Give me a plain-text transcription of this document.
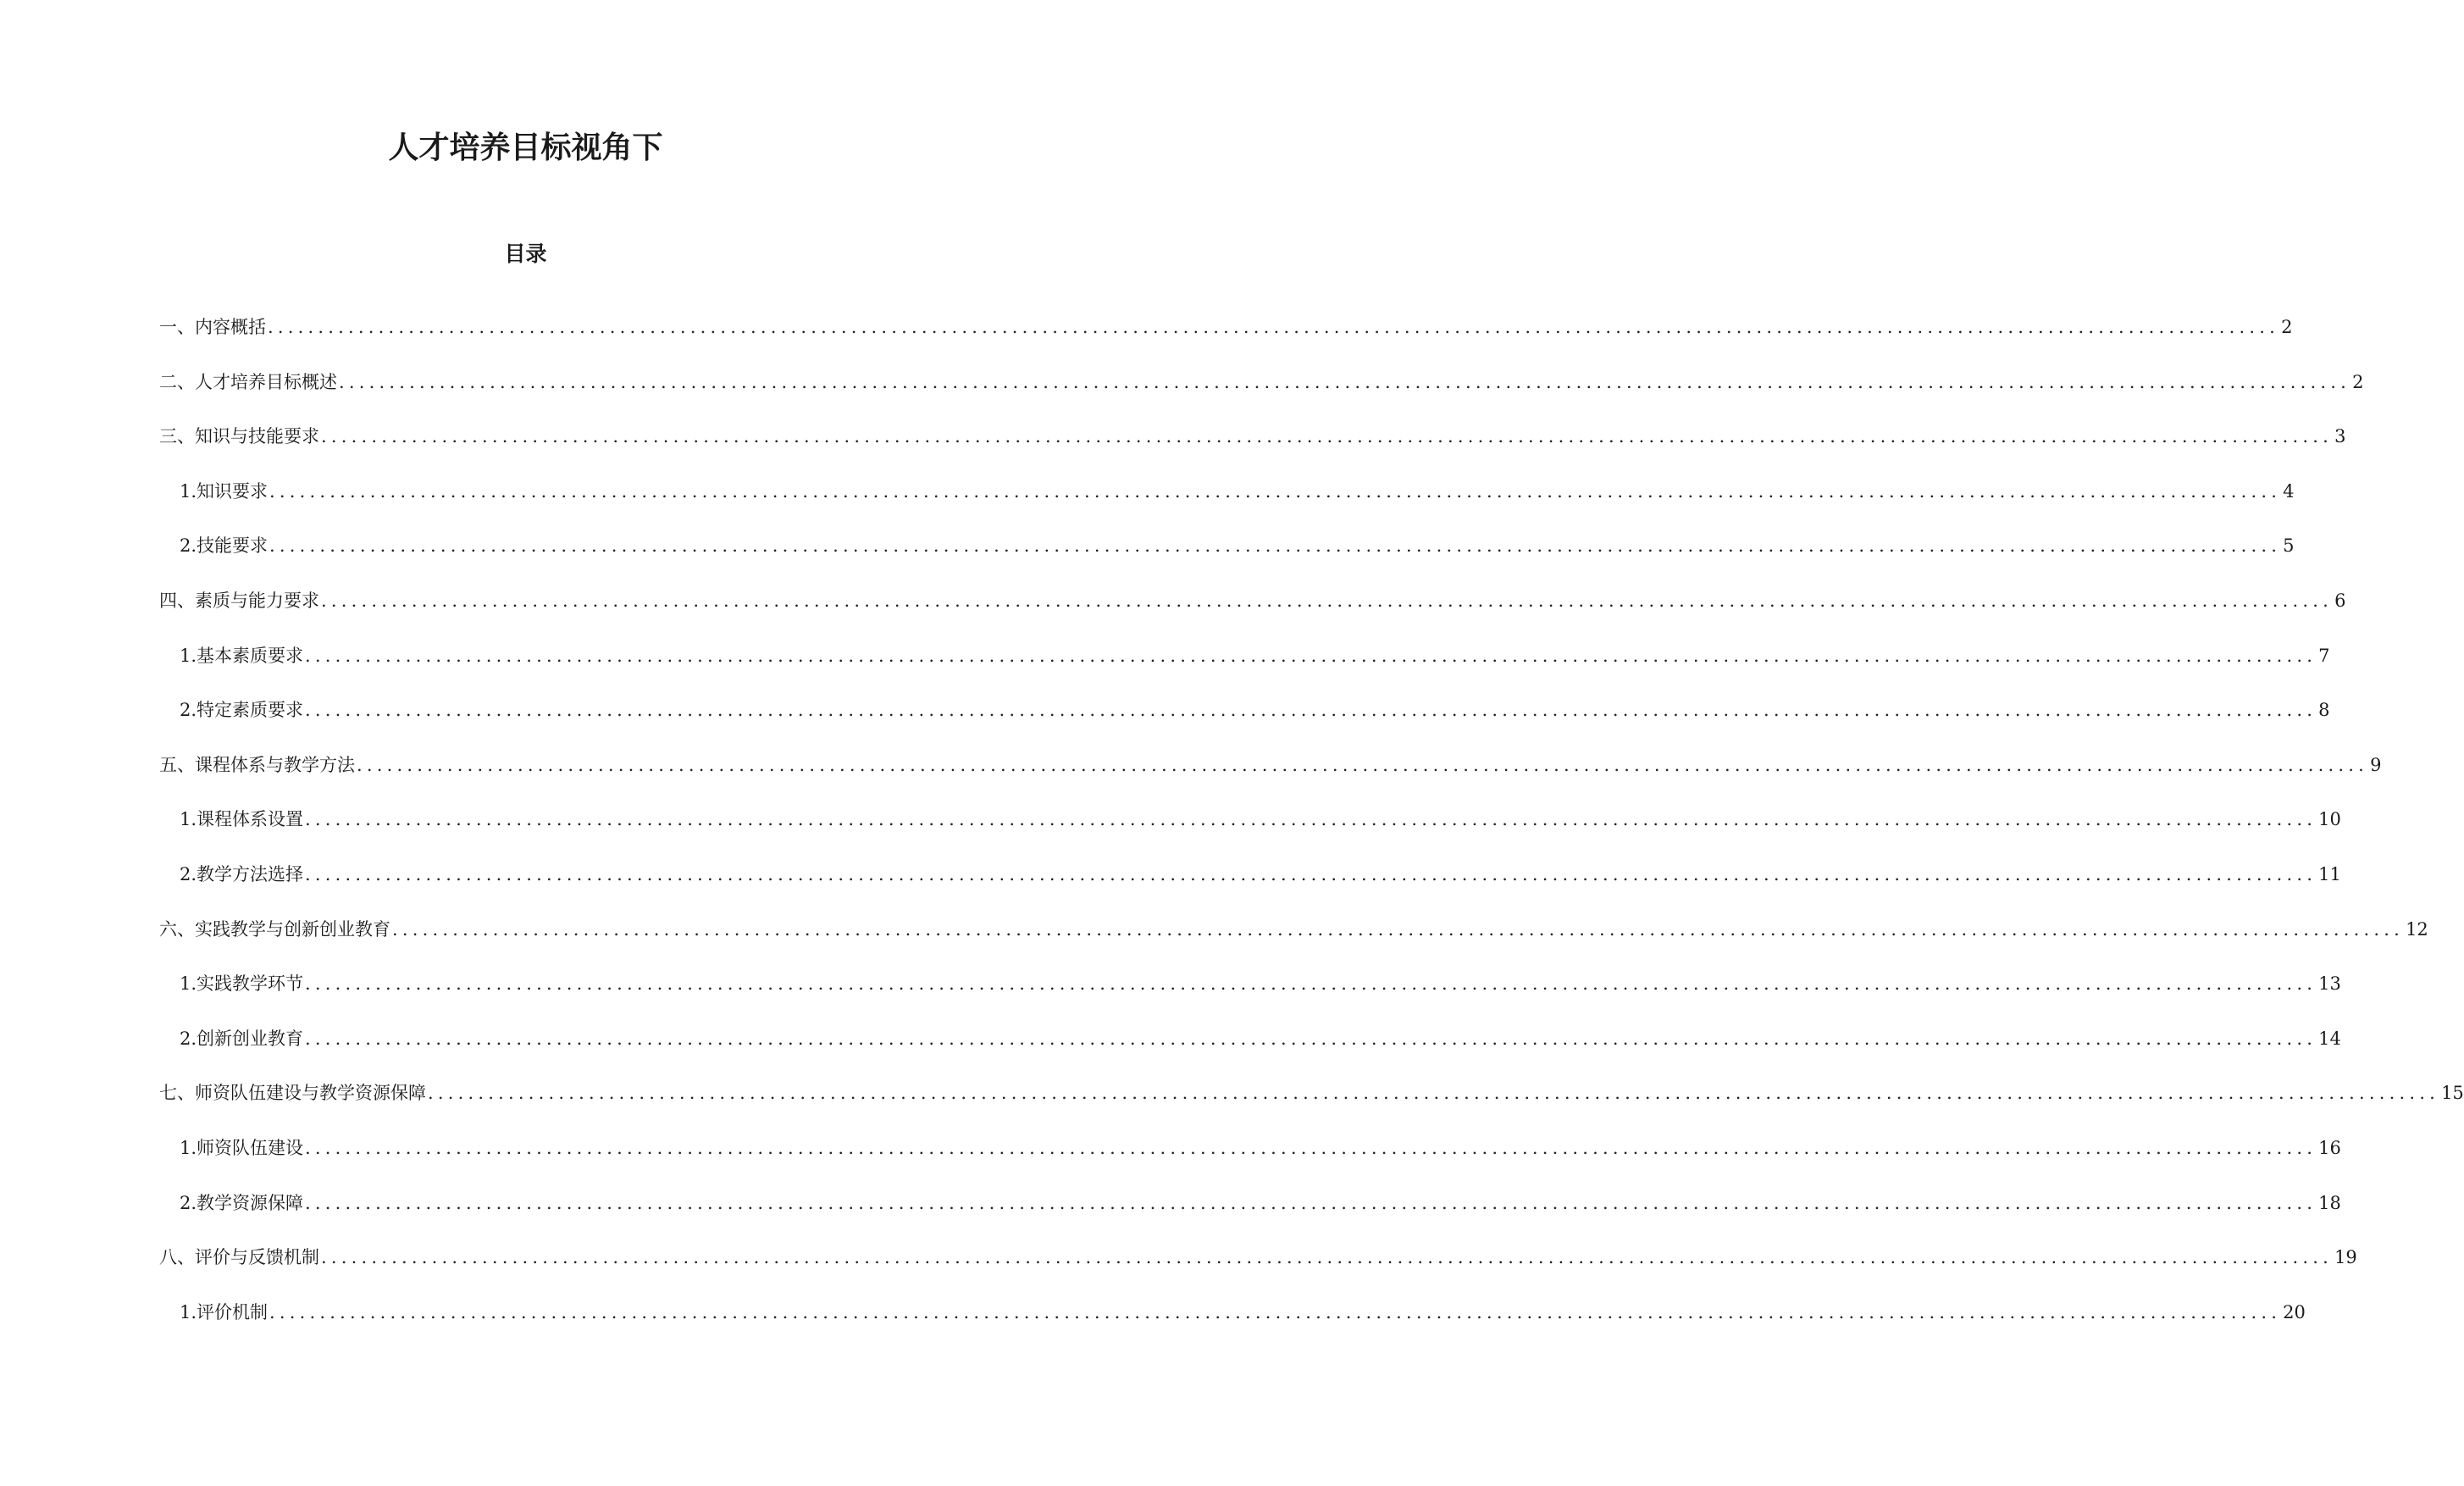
人才培养目标视角下
目录
一、内容概括 ........................................................................................................................................................................................................ 2
二、人才培养目标概述 ........................................................................................................................................................................................................ 2
三、知识与技能要求 ........................................................................................................................................................................................................ 3
1. 知识要求 ........................................................................................................................................................................................................ 4
2. 技能要求 ........................................................................................................................................................................................................ 5
四、素质与能力要求 ........................................................................................................................................................................................................ 6
1. 基本素质要求 ........................................................................................................................................................................................................ 7
2. 特定素质要求 ........................................................................................................................................................................................................ 8
五、课程体系与教学方法 ........................................................................................................................................................................................................ 9
1. 课程体系设置 ........................................................................................................................................................................................................ 10
2. 教学方法选择 ........................................................................................................................................................................................................ 11
六、实践教学与创新创业教育 ........................................................................................................................................................................................................ 12
1. 实践教学环节 ........................................................................................................................................................................................................ 13
2. 创新创业教育 ........................................................................................................................................................................................................ 14
七、师资队伍建设与教学资源保障 ........................................................................................................................................................................................................ 15
1. 师资队伍建设 ........................................................................................................................................................................................................ 16
2. 教学资源保障 ........................................................................................................................................................................................................ 18
八、评价与反馈机制 ........................................................................................................................................................................................................ 19
1. 评价机制 ........................................................................................................................................................................................................ 20
